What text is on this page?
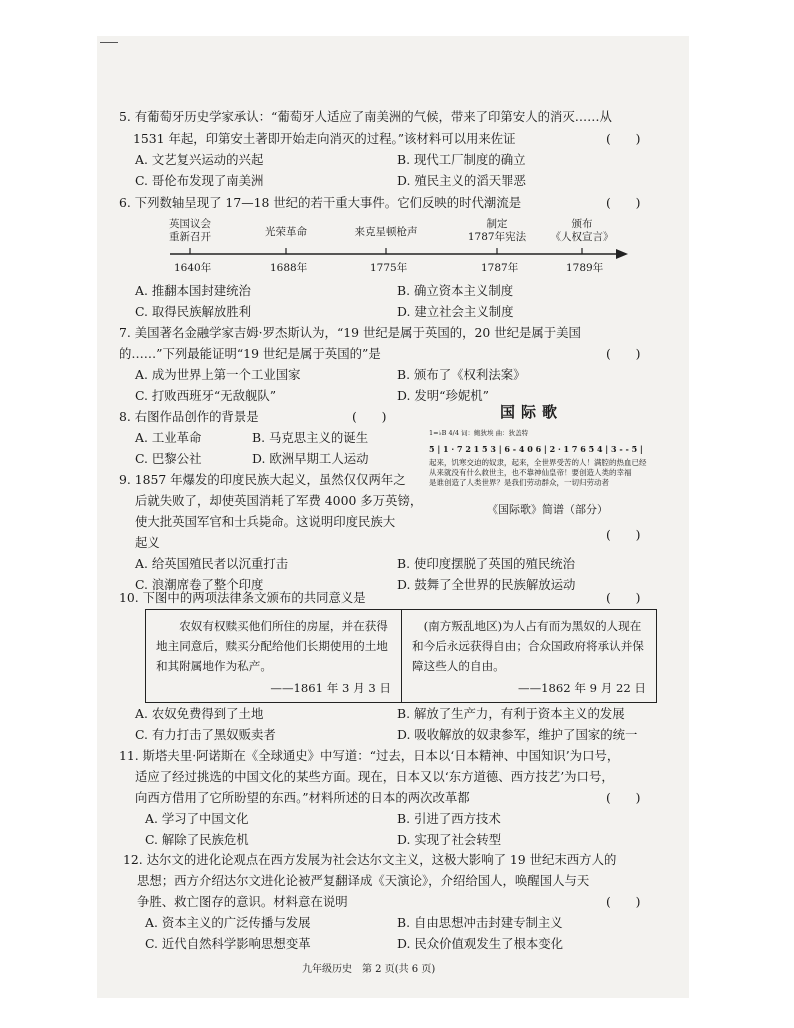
5. 有葡萄牙历史学家承认：“葡萄牙人适应了南美洲的气候，带来了印第安人的消灭……从
1531 年起，印第安土著即开始走向消灭的过程。”该材料可以用来佐证	(　　)
A. 文艺复兴运动的兴起	B. 现代工厂制度的确立
C. 哥伦布发现了南美洲	D. 殖民主义的滔天罪恶
6. 下列数轴呈现了 17—18 世纪的若干重大事件。它们反映的时代潮流是	(　　)
英国议会
重新召开	光荣革命	来克星顿枪声
制定
1787年宪法
颁布
《人权宣言》
1640年	1688年	1775年	1787年	1789年
A. 推翻本国封建统治	B. 确立资本主义制度
C. 取得民族解放胜利	D. 建立社会主义制度
7. 美国著名金融学家吉姆·罗杰斯认为，“19 世纪是属于英国的，20 世纪是属于美国
的……”下列最能证明“19 世纪是属于英国的”是	(　　)
A. 成为世界上第一个工业国家	B. 颁布了《权利法案》
C. 打败西班牙“无敌舰队”	D. 发明“珍妮机”
8. 右图作品创作的背景是	(　　)
A. 工业革命	B. 马克思主义的诞生
C. 巴黎公社	D. 欧洲早期工人运动
国际歌
1=♭B 4/4 词：鲍狄埃 曲：狄盖特
5 | 1 · 7 2 1 5 3 | 6 - 4 0 6 | 2 · 1 7 6 5 4 | 3 - - 5 |
起来，饥寒交迫的奴隶，起来，全世界受苦的人！满腔的热血已经
从来就没有什么救世主，也不靠神仙皇帝！要创造人类的幸福
是谁创造了人类世界？是我们劳动群众，一切归劳动者
《国际歌》简谱（部分）
9. 1857 年爆发的印度民族大起义，虽然仅仅两年之
后就失败了，却使英国消耗了军费 4000 多万英镑，
使大批英国军官和士兵毙命。这说明印度民族大
起义
(　　)
A. 给英国殖民者以沉重打击	B. 使印度摆脱了英国的殖民统治
C. 浪潮席卷了整个印度	D. 鼓舞了全世界的民族解放运动
10. 下图中的两项法律条文颁布的共同意义是	(　　)
农奴有权赎买他们所住的房屋，并在获得地主同意后，赎买分配给他们长期使用的土地和其附属地作为私产。
——1861 年 3 月 3 日
(南方叛乱地区)为人占有而为黑奴的人现在和今后永远获得自由；合众国政府将承认并保障这些人的自由。
——1862 年 9 月 22 日
A. 农奴免费得到了土地	B. 解放了生产力，有利于资本主义的发展
C. 有力打击了黑奴贩卖者	D. 吸收解放的奴隶参军，维护了国家的统一
11. 斯塔夫里·阿诺斯在《全球通史》中写道：“过去，日本以‘日本精神、中国知识’为口号，
适应了经过挑选的中国文化的某些方面。现在，日本又以‘东方道德、西方技艺’为口号，
向西方借用了它所盼望的东西。”材料所述的日本的两次改革都	(　　)
A. 学习了中国文化	B. 引进了西方技术
C. 解除了民族危机	D. 实现了社会转型
12. 达尔文的进化论观点在西方发展为社会达尔文主义，这极大影响了 19 世纪末西方人的
思想；西方介绍达尔文进化论被严复翻译成《天演论》，介绍给国人，唤醒国人与天
争胜、救亡图存的意识。材料意在说明	(　　)
A. 资本主义的广泛传播与发展	B. 自由思想冲击封建专制主义
C. 近代自然科学影响思想变革	D. 民众价值观发生了根本变化
九年级历史　第 2 页(共 6 页)
